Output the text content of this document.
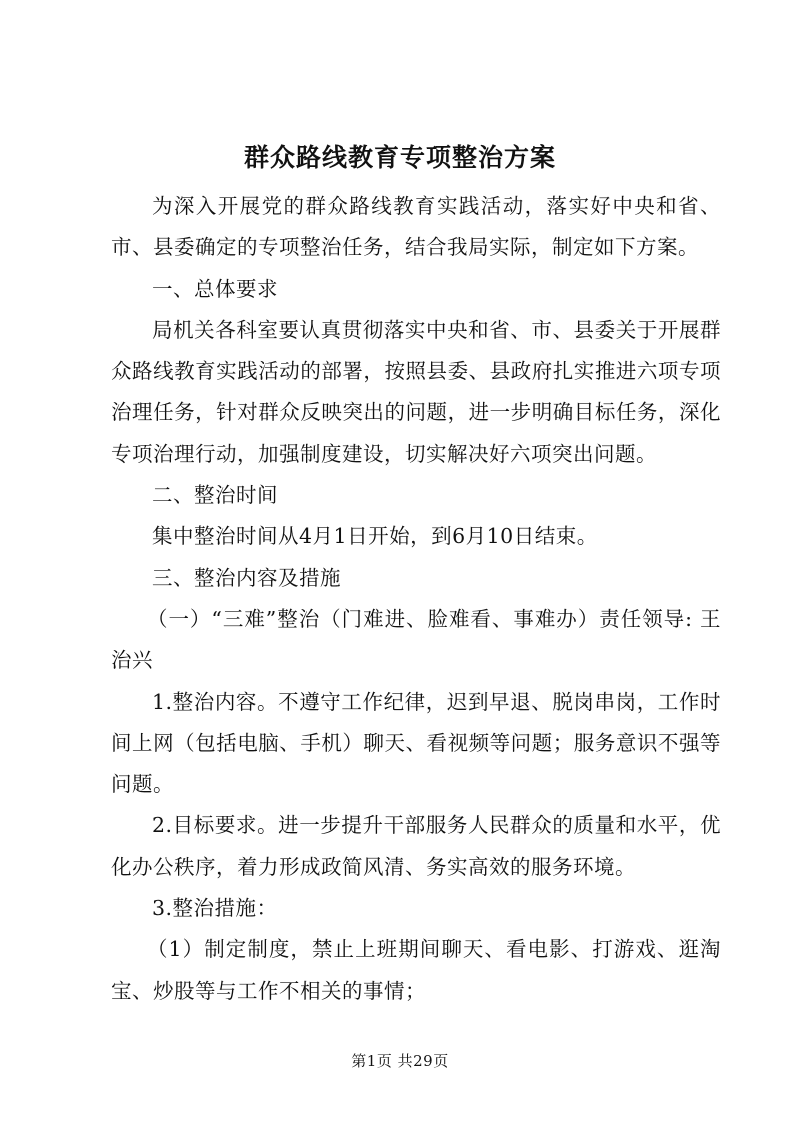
群众路线教育专项整治方案

为深入开展党的群众路线教育实践活动，落实好中央和省、市、县委确定的专项整治任务，结合我局实际，制定如下方案。

一、总体要求

局机关各科室要认真贯彻落实中央和省、市、县委关于开展群众路线教育实践活动的部署，按照县委、县政府扎实推进六项专项治理任务，针对群众反映突出的问题，进一步明确目标任务，深化专项治理行动，加强制度建设，切实解决好六项突出问题。

二、整治时间

集中整治时间从4月1日开始，到6月10日结束。

三、整治内容及措施

（一）“三难”整治（门难进、脸难看、事难办）责任领导: 王治兴

1.整治内容。不遵守工作纪律，迟到早退、脱岗串岗，工作时间上网（包括电脑、手机）聊天、看视频等问题；服务意识不强等问题。

2.目标要求。进一步提升干部服务人民群众的质量和水平，优化办公秩序，着力形成政简风清、务实高效的服务环境。

3.整治措施：

（1）制定制度，禁止上班期间聊天、看电影、打游戏、逛淘宝、炒股等与工作不相关的事情；

第1页 共29页
